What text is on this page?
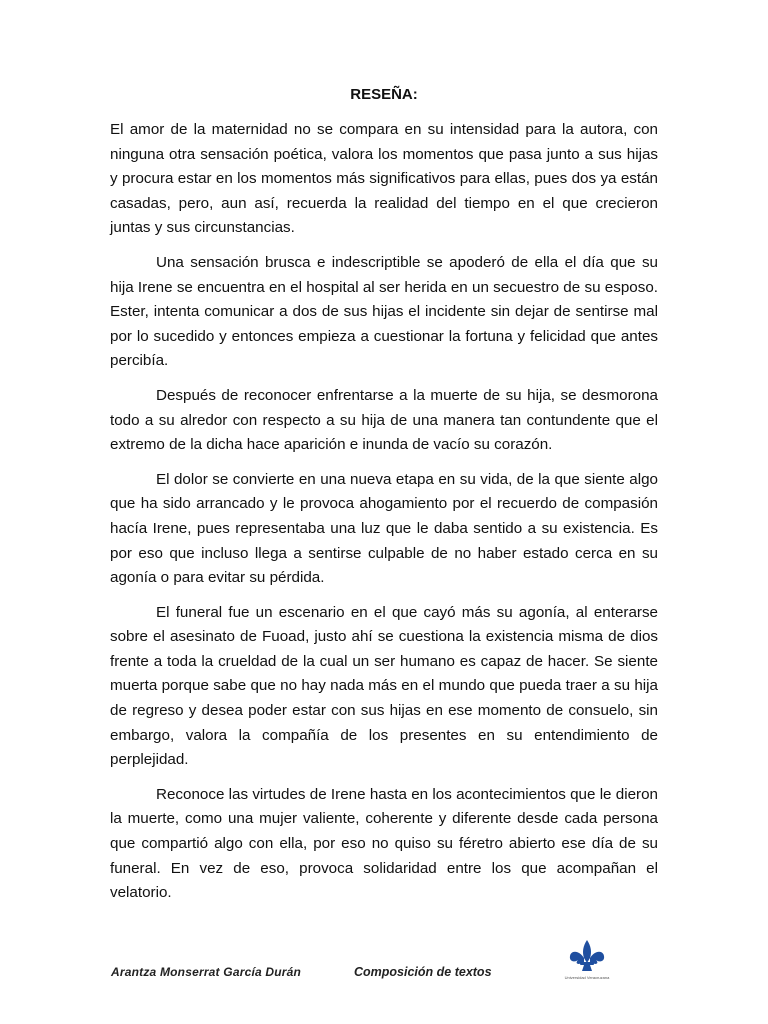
RESEÑA:

El amor de la maternidad no se compara en su intensidad para la autora, con ninguna otra sensación poética, valora los momentos que pasa junto a sus hijas y procura estar en los momentos más significativos para ellas, pues dos ya están casadas, pero, aun así, recuerda la realidad del tiempo en el que crecieron juntas y sus circunstancias.

Una sensación brusca e indescriptible se apoderó de ella el día que su hija Irene se encuentra en el hospital al ser herida en un secuestro de su esposo. Ester, intenta comunicar a dos de sus hijas el incidente sin dejar de sentirse mal por lo sucedido y entonces empieza a cuestionar la fortuna y felicidad que antes percibía.

Después de reconocer enfrentarse a la muerte de su hija, se desmorona todo a su alredor con respecto a su hija de una manera tan contundente que el extremo de la dicha hace aparición e inunda de vacío su corazón.

El dolor se convierte en una nueva etapa en su vida, de la que siente algo que ha sido arrancado y le provoca ahogamiento por el recuerdo de compasión hacía Irene, pues representaba una luz que le daba sentido a su existencia. Es por eso que incluso llega a sentirse culpable de no haber estado cerca en su agonía o para evitar su pérdida.

El funeral fue un escenario en el que cayó más su agonía, al enterarse sobre el asesinato de Fuoad, justo ahí se cuestiona la existencia misma de dios frente a toda la crueldad de la cual un ser humano es capaz de hacer. Se siente muerta porque sabe que no hay nada más en el mundo que pueda traer a su hija de regreso y desea poder estar con sus hijas en ese momento de consuelo, sin embargo, valora la compañía de los presentes en su entendimiento de perplejidad.

Reconoce las virtudes de Irene hasta en los acontecimientos que le dieron la muerte, como una mujer valiente, coherente y diferente desde cada persona que compartió algo con ella, por eso no quiso su féretro abierto ese día de su funeral. En vez de eso, provoca solidaridad entre los que acompañan el velatorio.

Arantza Monserrat García Durán	Composición de textos	Universidad Veracruzana
